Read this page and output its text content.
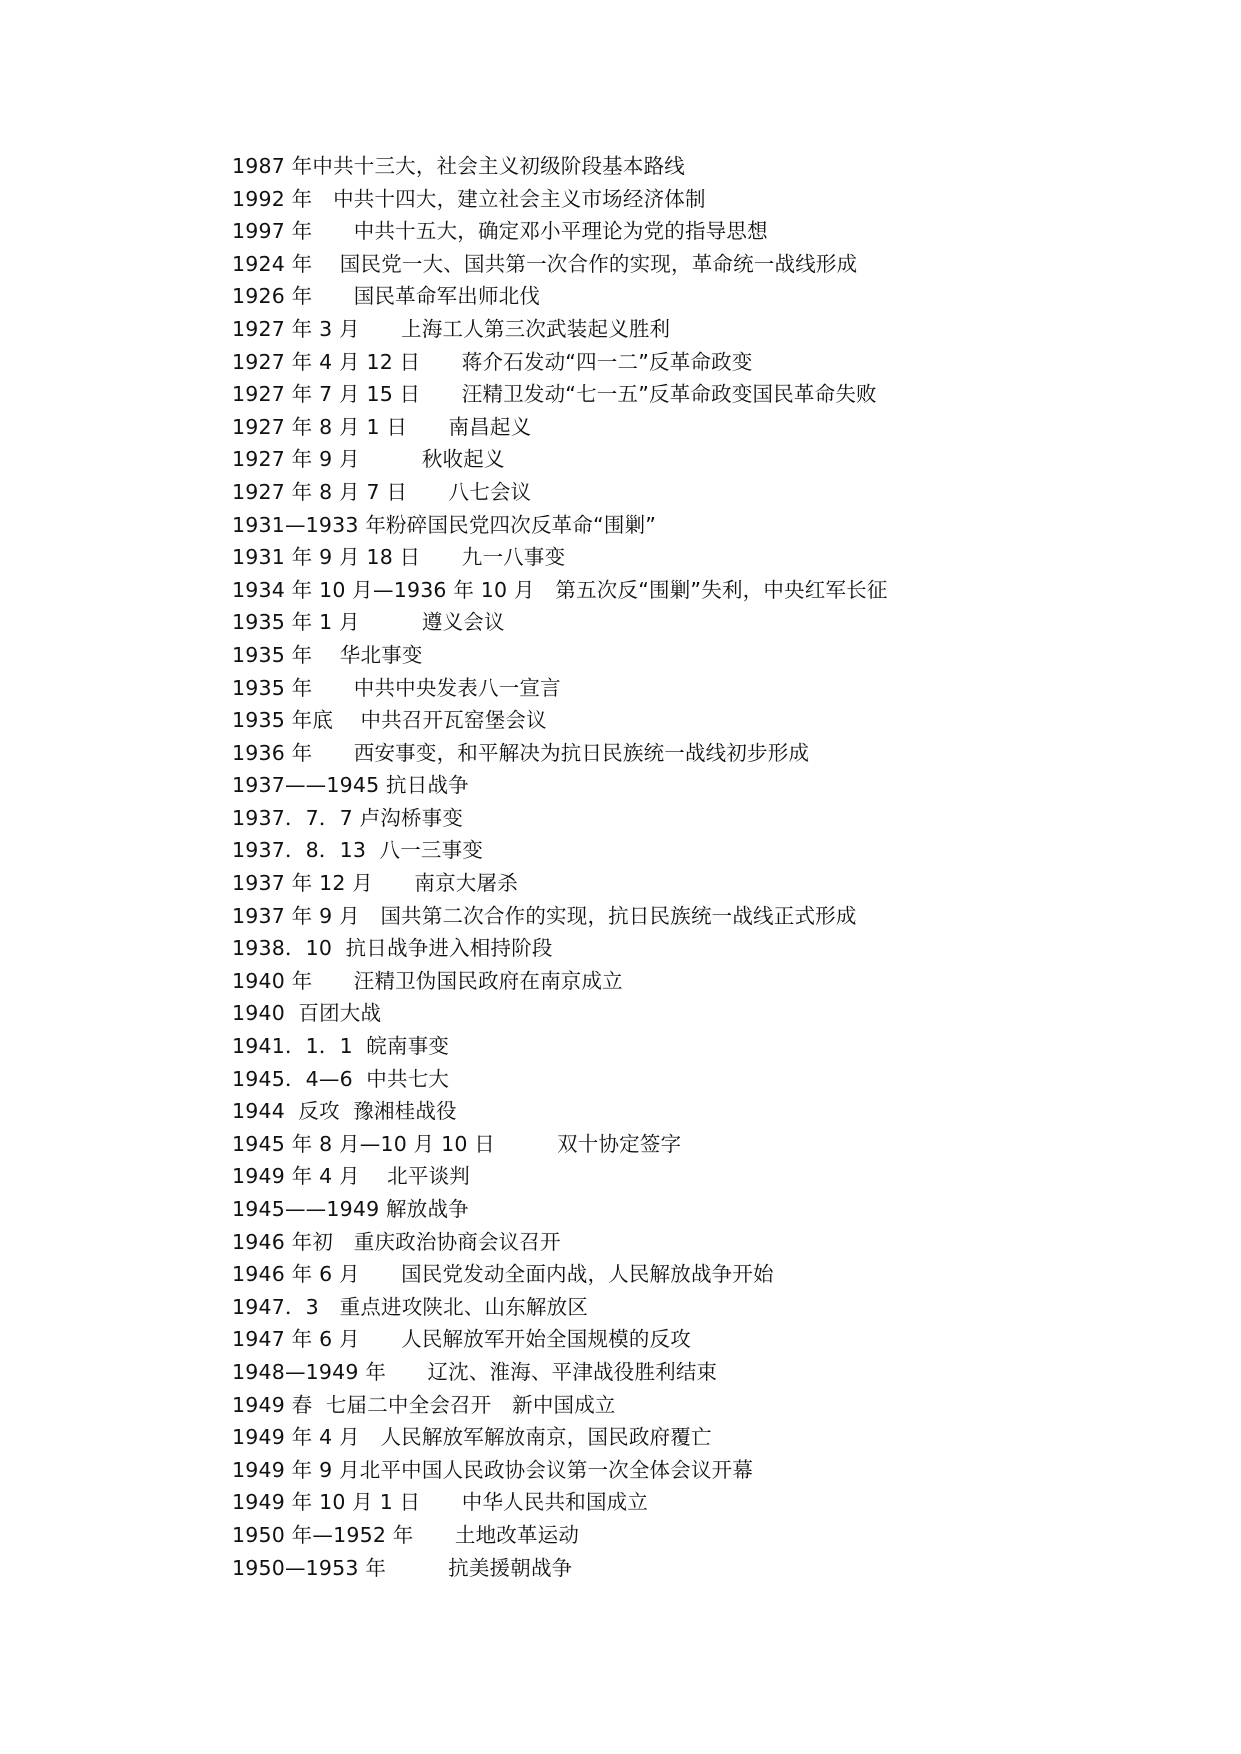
1987 年中共十三大，社会主义初级阶段基本路线
1992 年　中共十四大，建立社会主义市场经济体制
1997 年　　中共十五大，确定邓小平理论为党的指导思想
1924 年　 国民党一大、国共第一次合作的实现，革命统一战线形成
1926 年　　国民革命军出师北伐
1927 年 3 月　　上海工人第三次武装起义胜利
1927 年 4 月 12 日　　蒋介石发动“四一二”反革命政变
1927 年 7 月 15 日　　汪精卫发动“七一五”反革命政变国民革命失败
1927 年 8 月 1 日　　南昌起义
1927 年 9 月　　　秋收起义
1927 年 8 月 7 日　　八七会议
1931—1933 年粉碎国民党四次反革命“围剿”
1931 年 9 月 18 日　　九一八事变
1934 年 10 月—1936 年 10 月　第五次反“围剿”失利，中央红军长征
1935 年 1 月　　　遵义会议
1935 年　 华北事变
1935 年　　中共中央发表八一宣言
1935 年底　 中共召开瓦窑堡会议
1936 年　　西安事变，和平解决为抗日民族统一战线初步形成
1937——1945 抗日战争
1937．7．7 卢沟桥事变
1937．8．13  八一三事变
1937 年 12 月　　南京大屠杀
1937 年 9 月　国共第二次合作的实现，抗日民族统一战线正式形成
1938．10  抗日战争进入相持阶段
1940 年　　汪精卫伪国民政府在南京成立
1940  百团大战
1941．1．1  皖南事变
1945．4—6  中共七大
1944  反攻  豫湘桂战役
1945 年 8 月—10 月 10 日　　　双十协定签字
1949 年 4 月　 北平谈判
1945——1949 解放战争
1946 年初　重庆政治协商会议召开
1946 年 6 月　　国民党发动全面内战，人民解放战争开始
1947．3　重点进攻陕北、山东解放区
1947 年 6 月　　人民解放军开始全国规模的反攻
1948—1949 年　　辽沈、淮海、平津战役胜利结束
1949 春  七届二中全会召开　新中国成立
1949 年 4 月　人民解放军解放南京，国民政府覆亡
1949 年 9 月北平中国人民政协会议第一次全体会议开幕
1949 年 10 月 1 日　　中华人民共和国成立
1950 年—1952 年　　土地改革运动
1950—1953 年　　　抗美援朝战争
